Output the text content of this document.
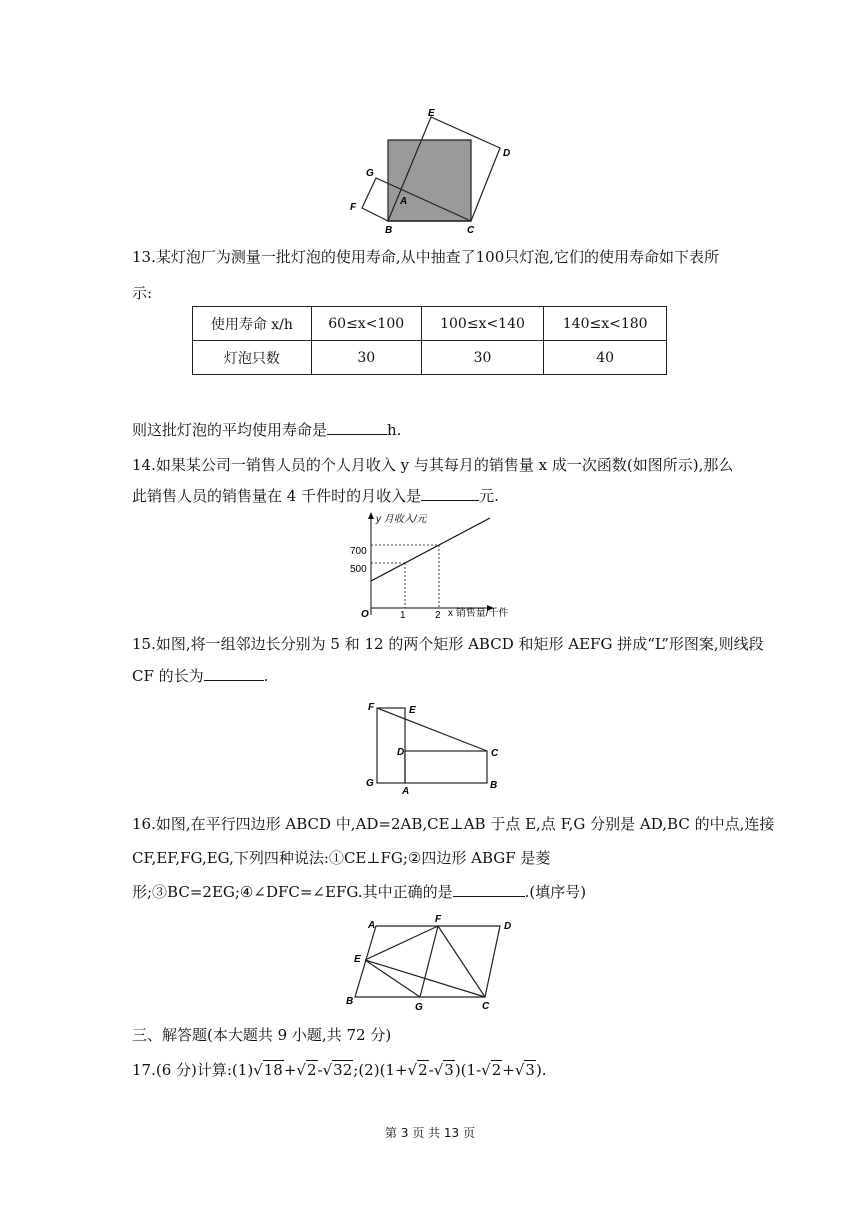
E
D
G
F
A
B	C
13.某灯泡厂为测量一批灯泡的使用寿命,从中抽查了100只灯泡,它们的使用寿命如下表所
示:
使用寿命 x/h	60≤x<100	100≤x<140	140≤x<180
灯泡只数	30	30	40
则这批灯泡的平均使用寿命是	h.
14.如果某公司一销售人员的个人月收入 y 与其每月的销售量 x 成一次函数(如图所示),那么
此销售人员的销售量在 4 千件时的月收入是	元.
y 月收入/元
x 销售量/千件
O	1	2
500
700
15.如图,将一组邻边长分别为 5 和 12 的两个矩形 ABCD 和矩形 AEFG 拼成“L”形图案,则线段
CF 的长为	.
F	E
D	C
G
A
B
16.如图,在平行四边形 ABCD 中,AD=2AB,CE⊥AB 于点 E,点 F,G 分别是 AD,BC 的中点,连接
CF,EF,FG,EG,下列四种说法:①CE⊥FG;②四边形 ABGF 是菱
形;③BC=2EG;④∠DFC=∠EFG.其中正确的是	.(填序号)
A
F
D
E
B
G	C
三、解答题(本大题共 9 小题,共 72 分)
17.(6 分)计算:(1)√18+√2-√32;(2)(1+√2-√3)(1-√2+√3).
第 3 页 共 13 页
